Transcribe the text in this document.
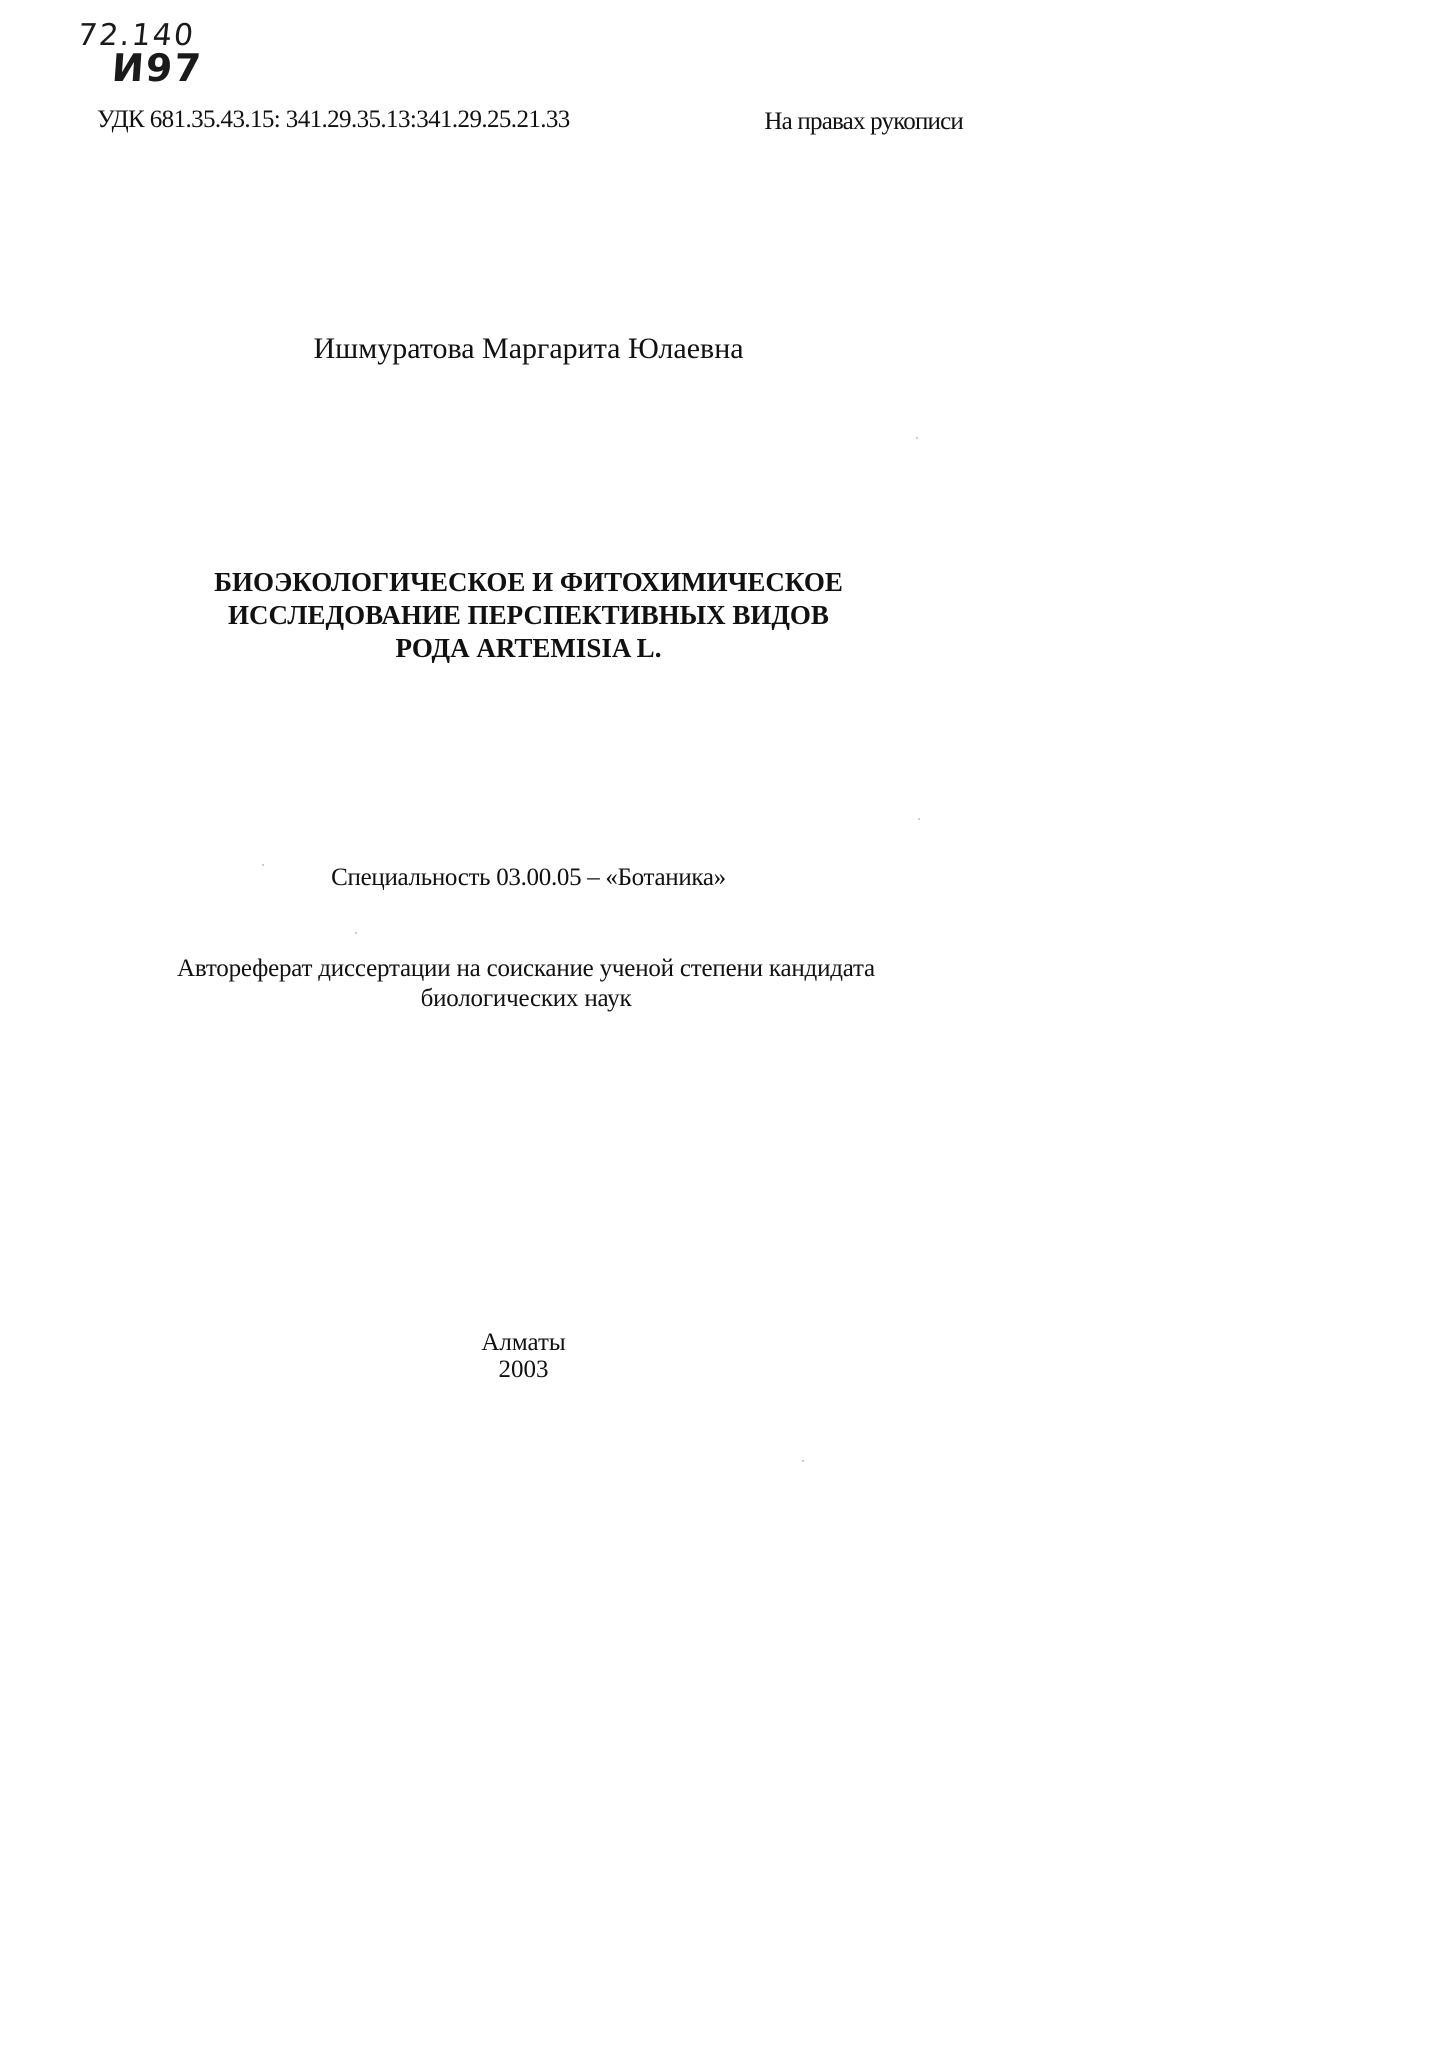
72.140
И97
УДК 681.35.43.15: 341.29.35.13:341.29.25.21.33	На правах рукописи
Ишмуратова Маргарита Юлаевна
БИОЭКОЛОГИЧЕСКОЕ И ФИТОХИМИЧЕСКОЕ
ИССЛЕДОВАНИЕ ПЕРСПЕКТИВНЫХ ВИДОВ
РОДА ARTEMISIA L.
Специальность 03.00.05 – «Ботаника»
Автореферат диссертации на соискание ученой степени кандидата
биологических наук
Алматы
2003
